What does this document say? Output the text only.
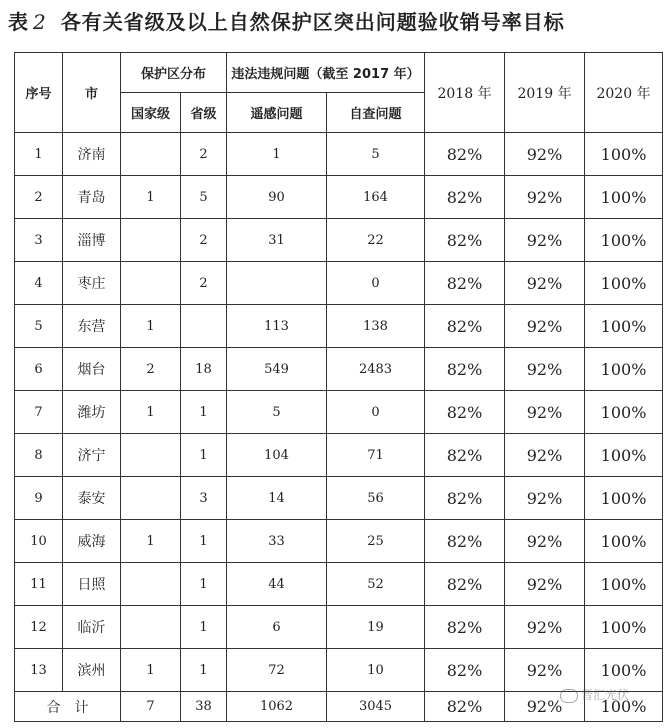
表 2 各有关省级及以上自然保护区突出问题验收销号率目标
序号	市	保护区分布		违法违规问题（截至 2017 年）		2018 年	2019 年	2020 年
		国家级	省级	遥感问题	自查问题			
1	济南		2	1	5	82%	92%	100%
2	青岛	1	5	90	164	82%	92%	100%
3	淄博		2	31	22	82%	92%	100%
4	枣庄		2		0	82%	92%	100%
5	东营	1		113	138	82%	92%	100%
6	烟台	2	18	549	2483	82%	92%	100%
7	潍坊	1	1	5	0	82%	92%	100%
8	济宁		1	104	71	82%	92%	100%
9	泰安		3	14	56	82%	92%	100%
10	威海	1	1	33	25	82%	92%	100%
11	日照		1	44	52	82%	92%	100%
12	临沂		1	6	19	82%	92%	100%
13	滨州	1	1	72	10	82%	92%	100%
合　计		7	38	1062	3045	82%	92%	100%
晋汇光伏
